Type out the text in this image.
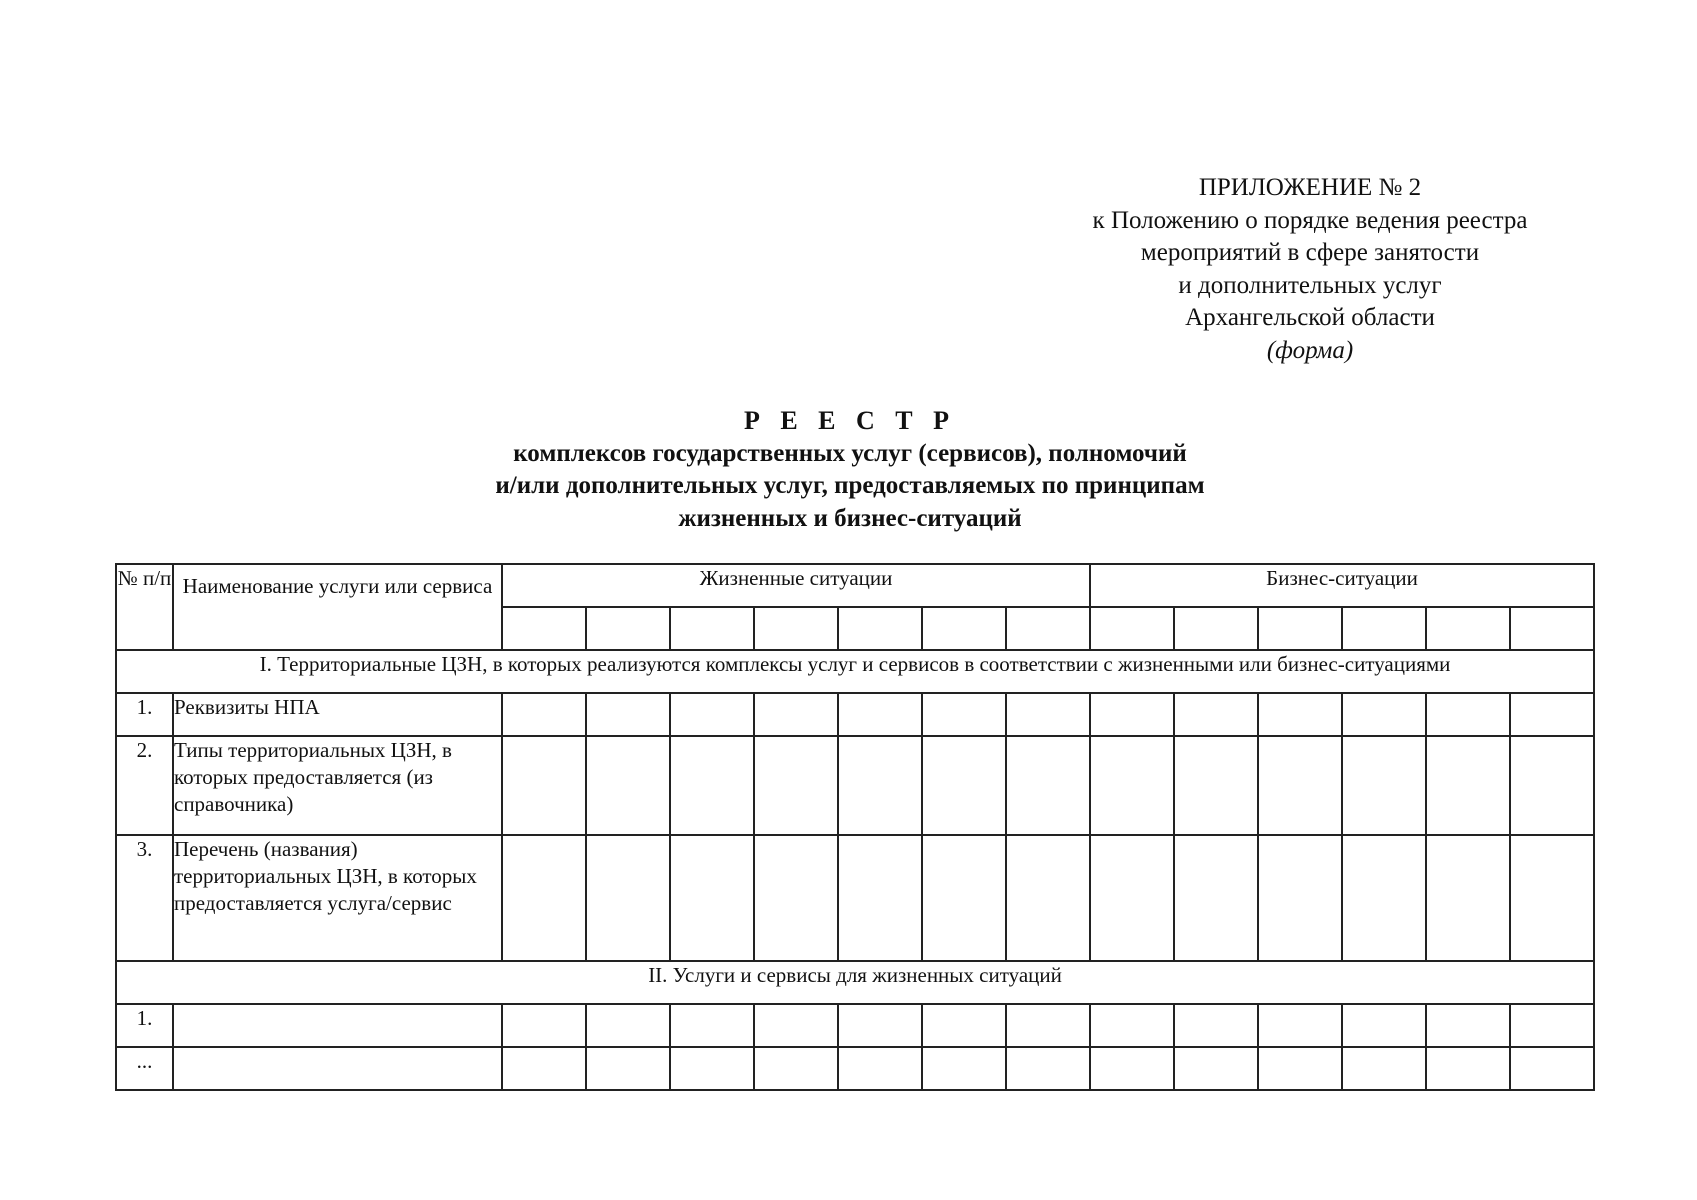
ПРИЛОЖЕНИЕ № 2
к Положению о порядке ведения реестра
мероприятий в сфере занятости
и дополнительных услуг
Архангельской области
(форма)
Р Е Е С Т Р
комплексов государственных услуг (сервисов), полномочий
и/или дополнительных услуг, предоставляемых по принципам
жизненных и бизнес-ситуаций
№ п/п	Наименование услуги или сервиса	Жизненные ситуации							Бизнес-ситуации					

I. Территориальные ЦЗН, в которых реализуются комплексы услуг и сервисов в соответствии с жизненными или бизнес-ситуациями														
1.	Реквизиты НПА													
2.	Типы территориальных ЦЗН, в которых предоставляется (из справочника)													
3.	Перечень (названия) территориальных ЦЗН, в которых предоставляется услуга/сервис													
II. Услуги и сервисы для жизненных ситуаций														
1.														
...														
